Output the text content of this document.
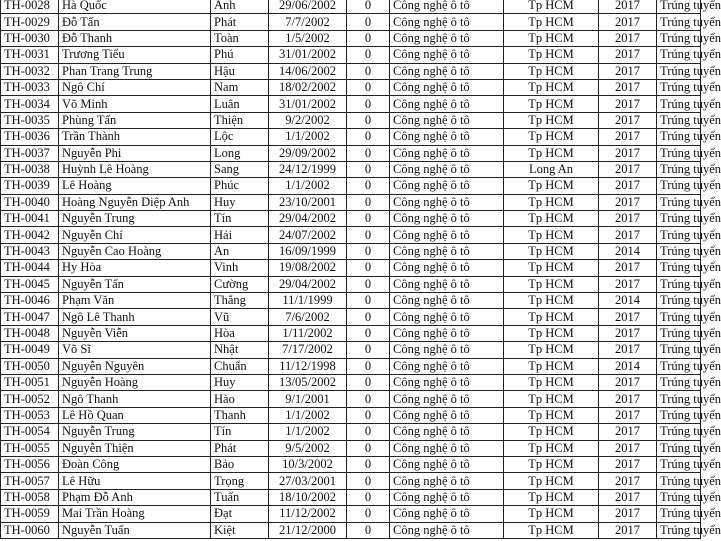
TH-0028	Hà Quốc	Anh	29/06/2002	0	Công nghệ ô tô	Tp HCM	2017	Trúng tuyển
TH-0029	Đỗ Tấn	Phát	7/7/2002	0	Công nghệ ô tô	Tp HCM	2017	Trúng tuyển
TH-0030	Đỗ Thanh	Toàn	1/5/2002	0	Công nghệ ô tô	Tp HCM	2017	Trúng tuyển
TH-0031	Trương Tiểu	Phú	31/01/2002	0	Công nghệ ô tô	Tp HCM	2017	Trúng tuyển
TH-0032	Phan Trang Trung	Hậu	14/06/2002	0	Công nghệ ô tô	Tp HCM	2017	Trúng tuyển
TH-0033	Ngô Chí	Nam	18/02/2002	0	Công nghệ ô tô	Tp HCM	2017	Trúng tuyển
TH-0034	Võ Minh	Luân	31/01/2002	0	Công nghệ ô tô	Tp HCM	2017	Trúng tuyển
TH-0035	Phùng Tấn	Thiện	9/2/2002	0	Công nghệ ô tô	Tp HCM	2017	Trúng tuyển
TH-0036	Trần Thành	Lộc	1/1/2002	0	Công nghệ ô tô	Tp HCM	2017	Trúng tuyển
TH-0037	Nguyễn Phi	Long	29/09/2002	0	Công nghệ ô tô	Tp HCM	2017	Trúng tuyển
TH-0038	Huỳnh Lê Hoàng	Sang	24/12/1999	0	Công nghệ ô tô	Long An	2017	Trúng tuyển
TH-0039	Lê Hoàng	Phúc	1/1/2002	0	Công nghệ ô tô	Tp HCM	2017	Trúng tuyển
TH-0040	Hoàng Nguyễn Diệp Anh	Huy	23/10/2001	0	Công nghệ ô tô	Tp HCM	2017	Trúng tuyển
TH-0041	Nguyễn Trung	Tín	29/04/2002	0	Công nghệ ô tô	Tp HCM	2017	Trúng tuyển
TH-0042	Nguyễn Chí	Hải	24/07/2002	0	Công nghệ ô tô	Tp HCM	2017	Trúng tuyển
TH-0043	Nguyễn Cao Hoàng	An	16/09/1999	0	Công nghệ ô tô	Tp HCM	2014	Trúng tuyển
TH-0044	Hy Hòa	Vinh	19/08/2002	0	Công nghệ ô tô	Tp HCM	2017	Trúng tuyển
TH-0045	Nguyễn Tấn	Cường	29/04/2002	0	Công nghệ ô tô	Tp HCM	2017	Trúng tuyển
TH-0046	Phạm Văn	Thắng	11/1/1999	0	Công nghệ ô tô	Tp HCM	2014	Trúng tuyển
TH-0047	Ngô Lê Thanh	Vũ	7/6/2002	0	Công nghệ ô tô	Tp HCM	2017	Trúng tuyển
TH-0048	Nguyễn Viễn	Hòa	1/11/2002	0	Công nghệ ô tô	Tp HCM	2017	Trúng tuyển
TH-0049	Võ Sĩ	Nhật	7/17/2002	0	Công nghệ ô tô	Tp HCM	2017	Trúng tuyển
TH-0050	Nguyễn Nguyên	Chuẩn	11/12/1998	0	Công nghệ ô tô	Tp HCM	2014	Trúng tuyển
TH-0051	Nguyễn Hoàng	Huy	13/05/2002	0	Công nghệ ô tô	Tp HCM	2017	Trúng tuyển
TH-0052	Ngô Thanh	Hào	9/1/2001	0	Công nghệ ô tô	Tp HCM	2017	Trúng tuyển
TH-0053	Lê Hồ Quan	Thanh	1/1/2002	0	Công nghệ ô tô	Tp HCM	2017	Trúng tuyển
TH-0054	Nguyễn Trung	Tín	1/1/2002	0	Công nghệ ô tô	Tp HCM	2017	Trúng tuyển
TH-0055	Nguyễn Thiện	Phát	9/5/2002	0	Công nghệ ô tô	Tp HCM	2017	Trúng tuyển
TH-0056	Đoàn Công	Bảo	10/3/2002	0	Công nghệ ô tô	Tp HCM	2017	Trúng tuyển
TH-0057	Lê Hữu	Trọng	27/03/2001	0	Công nghệ ô tô	Tp HCM	2017	Trúng tuyển
TH-0058	Phạm Đỗ Anh	Tuấn	18/10/2002	0	Công nghệ ô tô	Tp HCM	2017	Trúng tuyển
TH-0059	Mai Trần Hoàng	Đạt	11/12/2002	0	Công nghệ ô tô	Tp HCM	2017	Trúng tuyển
TH-0060	Nguyễn Tuấn	Kiệt	21/12/2000	0	Công nghệ ô tô	Tp HCM	2017	Trúng tuyển
